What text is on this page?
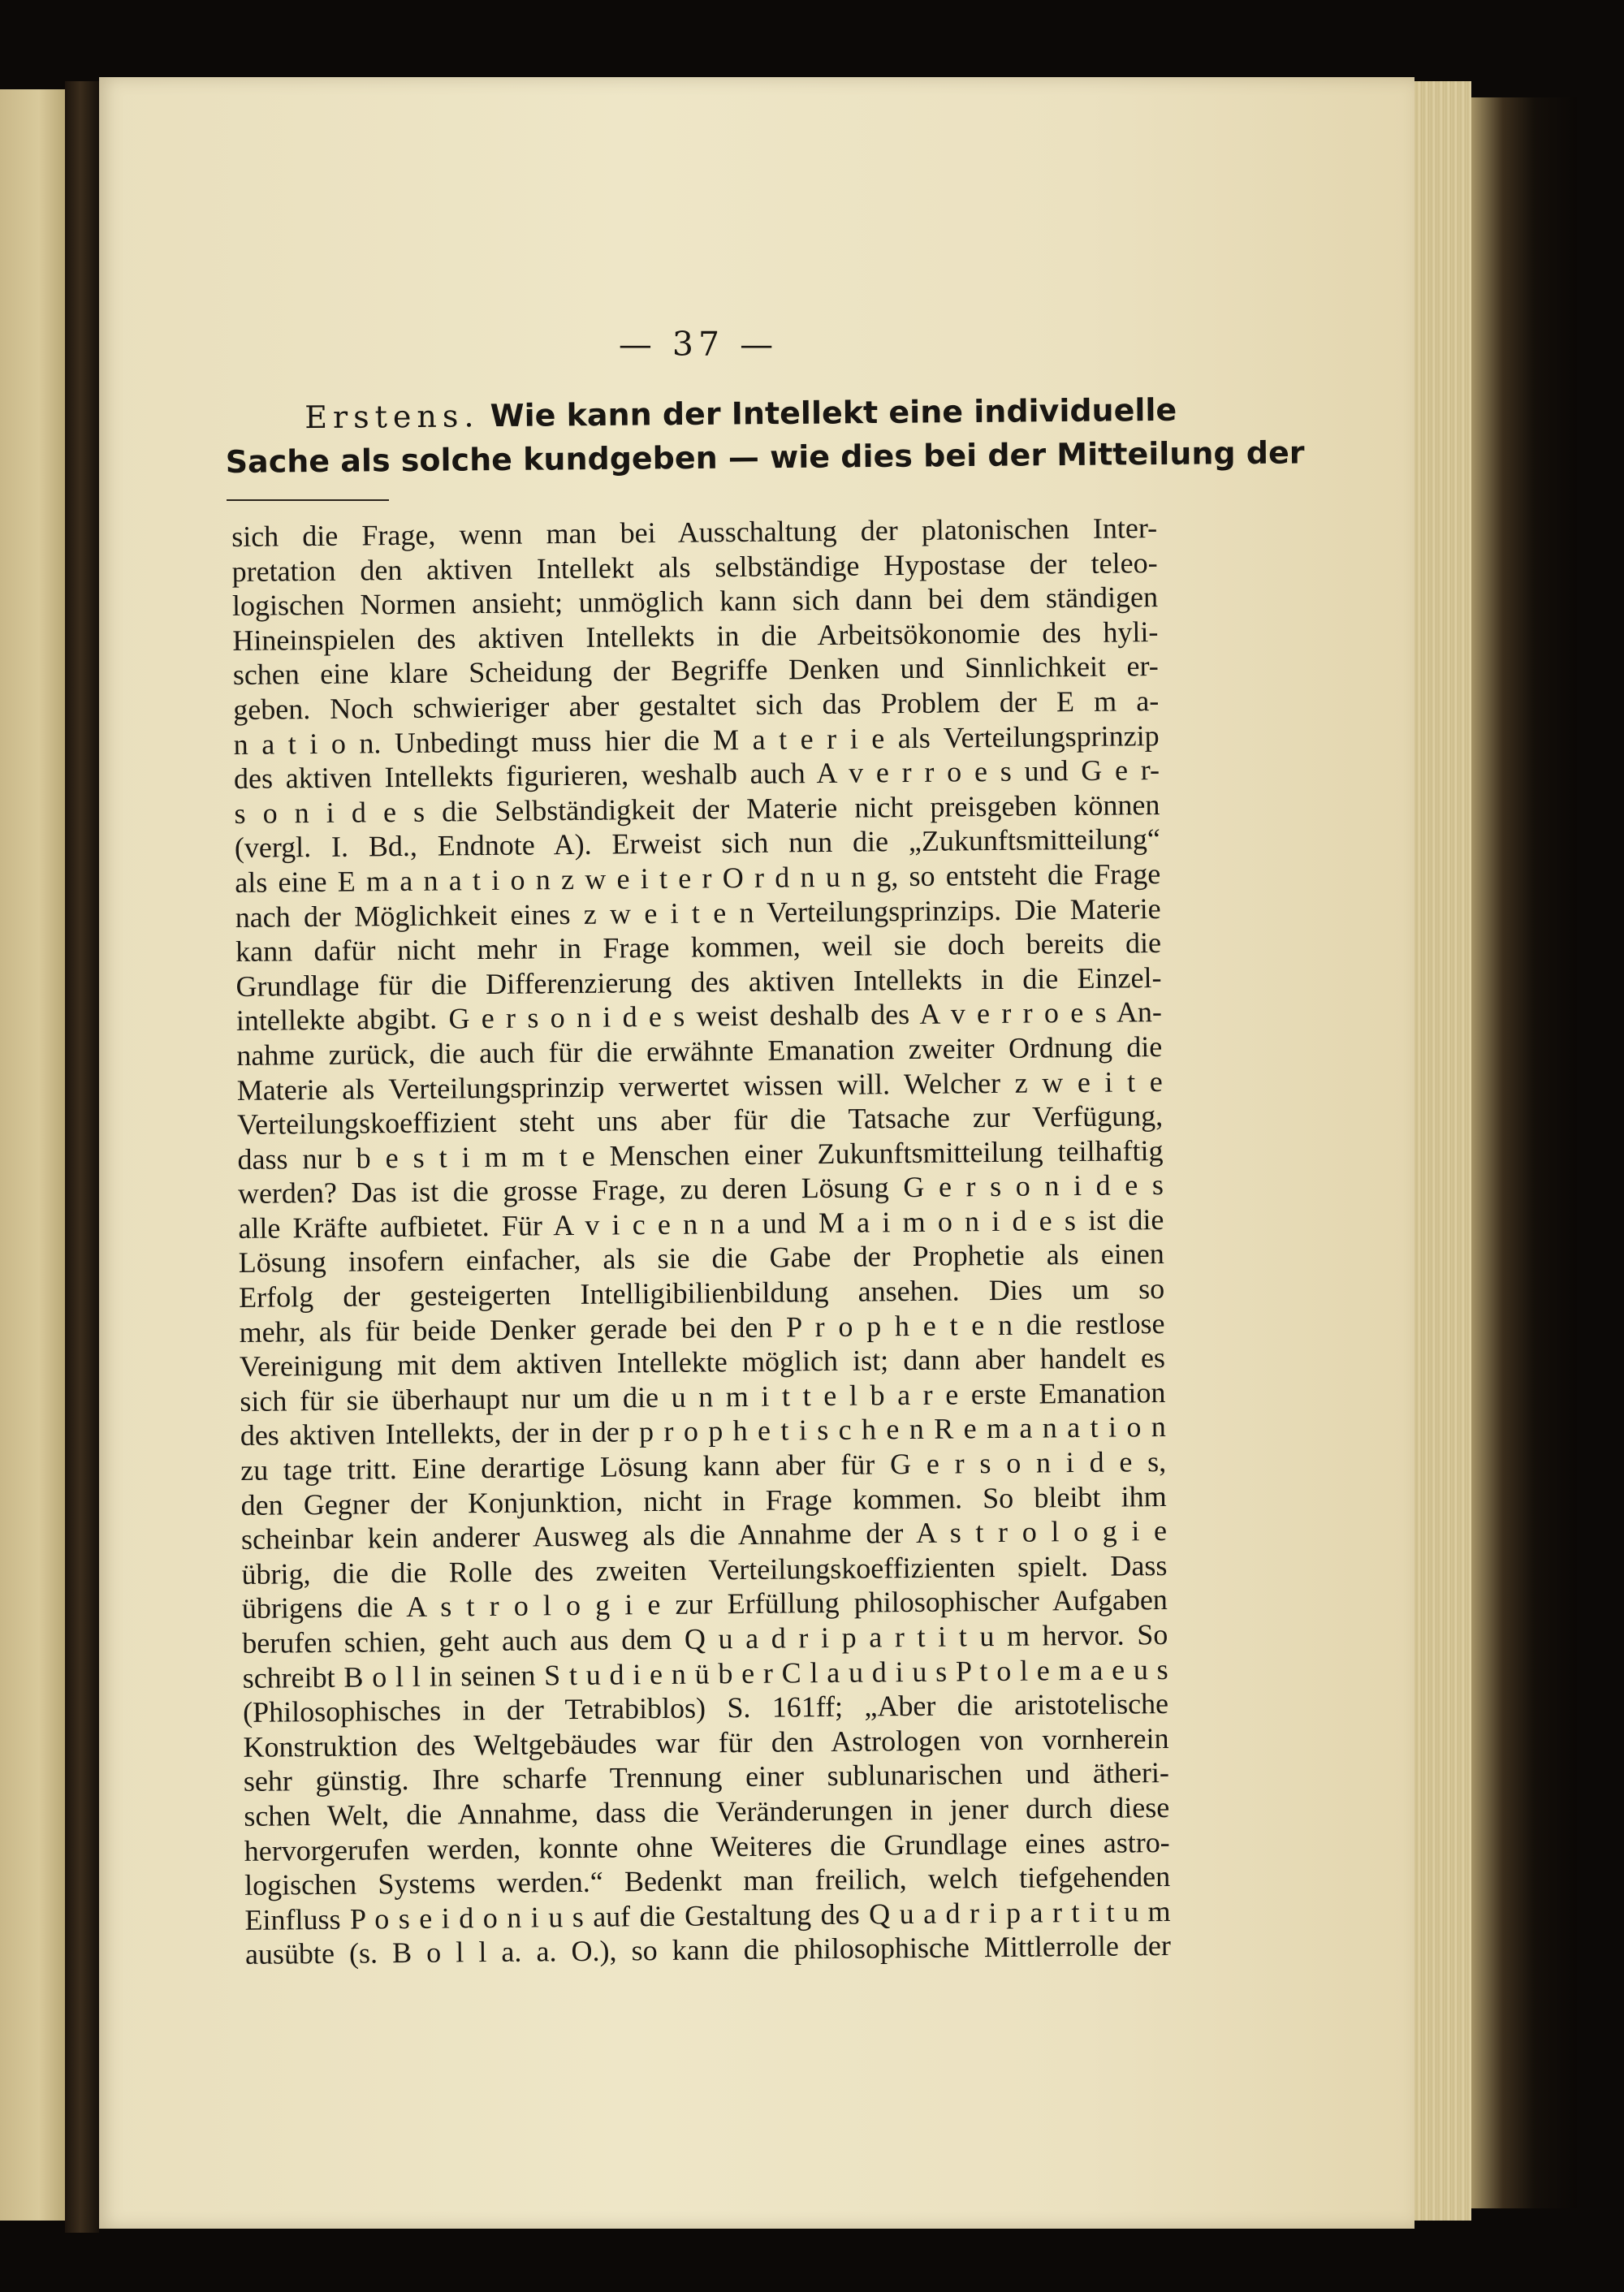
— 37 —
Erstens. Wie kann der Intellekt eine individuelle
Sache als solche kundgeben — wie dies bei der Mitteilung der
sich die Frage, wenn man bei Ausschaltung der platonischen Inter-
pretation den aktiven Intellekt als selbständige Hypostase der teleo-
logischen Normen ansieht; unmöglich kann sich dann bei dem ständigen
Hineinspielen des aktiven Intellekts in die Arbeitsökonomie des hyli-
schen eine klare Scheidung der Begriffe Denken und Sinnlichkeit er-
geben. Noch schwieriger aber gestaltet sich das Problem der E m a-
n a t i o n. Unbedingt muss hier die M a t e r i e als Verteilungsprinzip
des aktiven Intellekts figurieren, weshalb auch A v e r r o e s und G e r-
s o n i d e s die Selbständigkeit der Materie nicht preisgeben können
(vergl. I. Bd., Endnote A). Erweist sich nun die „Zukunftsmitteilung“
als eine E m a n a t i o n z w e i t e r O r d n u n g, so entsteht die Frage
nach der Möglichkeit eines z w e i t e n Verteilungsprinzips. Die Materie
kann dafür nicht mehr in Frage kommen, weil sie doch bereits die
Grundlage für die Differenzierung des aktiven Intellekts in die Einzel-
intellekte abgibt. G e r s o n i d e s weist deshalb des A v e r r o e s An-
nahme zurück, die auch für die erwähnte Emanation zweiter Ordnung die
Materie als Verteilungsprinzip verwertet wissen will. Welcher z w e i t e
Verteilungskoeffizient steht uns aber für die Tatsache zur Verfügung,
dass nur b e s t i m m t e Menschen einer Zukunftsmitteilung teilhaftig
werden? Das ist die grosse Frage, zu deren Lösung G e r s o n i d e s
alle Kräfte aufbietet. Für A v i c e n n a und M a i m o n i d e s ist die
Lösung insofern einfacher, als sie die Gabe der Prophetie als einen
Erfolg der gesteigerten Intelligibilienbildung ansehen. Dies um so
mehr, als für beide Denker gerade bei den P r o p h e t e n die restlose
Vereinigung mit dem aktiven Intellekte möglich ist; dann aber handelt es
sich für sie überhaupt nur um die u n m i t t e l b a r e erste Emanation
des aktiven Intellekts, der in der p r o p h e t i s c h e n R e m a n a t i o n
zu tage tritt. Eine derartige Lösung kann aber für G e r s o n i d e s,
den Gegner der Konjunktion, nicht in Frage kommen. So bleibt ihm
scheinbar kein anderer Ausweg als die Annahme der A s t r o l o g i e
übrig, die die Rolle des zweiten Verteilungskoeffizienten spielt. Dass
übrigens die A s t r o l o g i e zur Erfüllung philosophischer Aufgaben
berufen schien, geht auch aus dem Q u a d r i p a r t i t u m hervor. So
schreibt B o l l in seinen S t u d i e n ü b e r C l a u d i u s P t o l e m a e u s
(Philosophisches in der Tetrabiblos) S. 161ff; „Aber die aristotelische
Konstruktion des Weltgebäudes war für den Astrologen von vornherein
sehr günstig. Ihre scharfe Trennung einer sublunarischen und ätheri-
schen Welt, die Annahme, dass die Veränderungen in jener durch diese
hervorgerufen werden, konnte ohne Weiteres die Grundlage eines astro-
logischen Systems werden.“ Bedenkt man freilich, welch tiefgehenden
Einfluss P o s e i d o n i u s auf die Gestaltung des Q u a d r i p a r t i t u m
ausübte (s. B o l l a. a. O.), so kann die philosophische Mittlerrolle der
